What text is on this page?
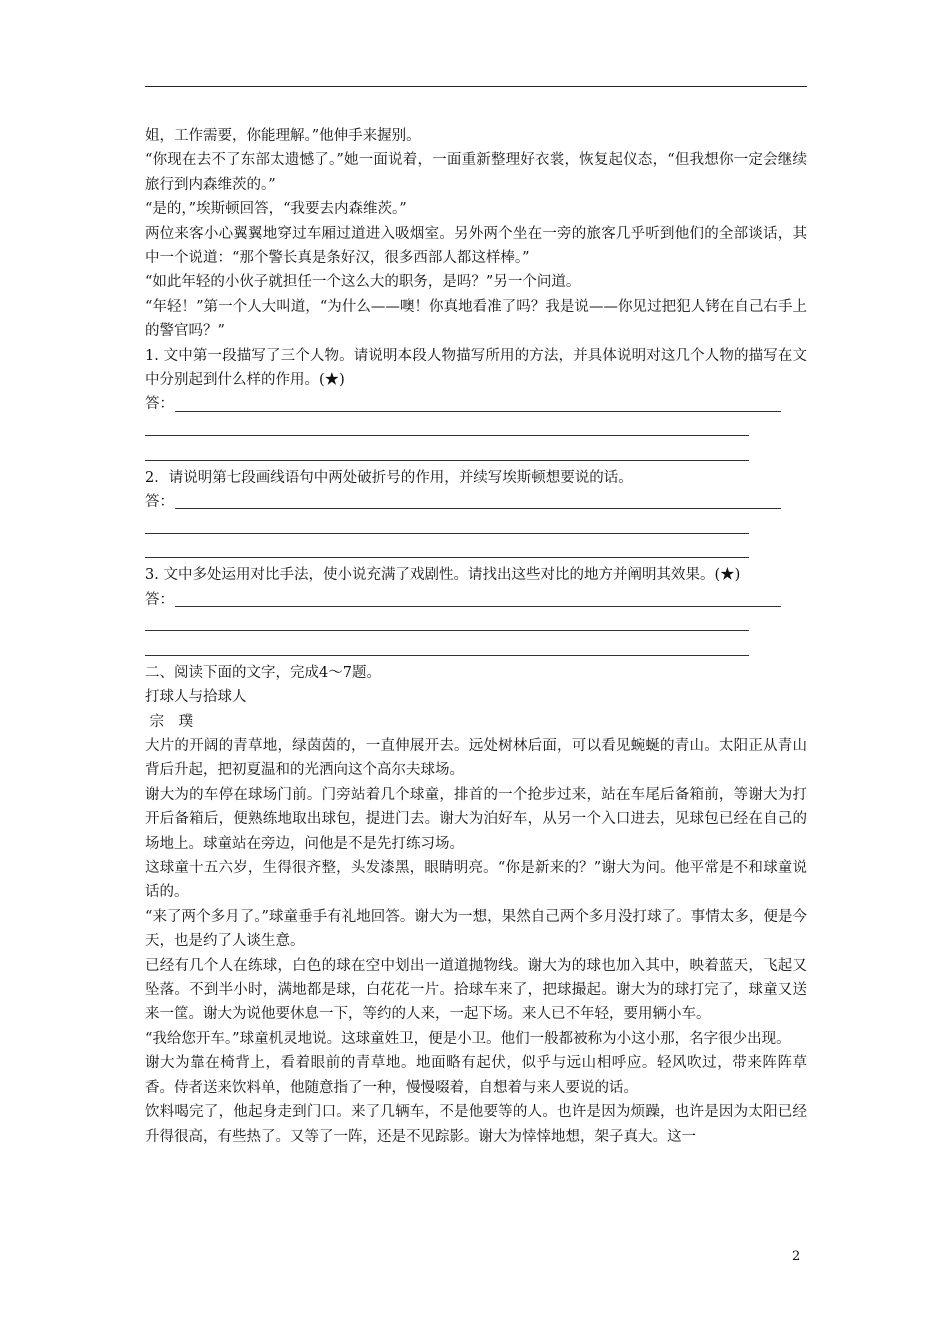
姐，工作需要，你能理解。”他伸手来握别。

“你现在去不了东部太遗憾了。”她一面说着，一面重新整理好衣裳，恢复起仪态，“但我想你一定会继续旅行到内森维茨的。”

“是的，”埃斯顿回答，“我要去内森维茨。”

两位来客小心翼翼地穿过车厢过道进入吸烟室。另外两个坐在一旁的旅客几乎听到他们的全部谈话，其中一个说道：“那个警长真是条好汉，很多西部人都这样棒。”

“如此年轻的小伙子就担任一个这么大的职务，是吗？”另一个问道。

“年轻！”第一个人大叫道，“为什么——噢！你真地看准了吗？我是说——你见过把犯人铐在自己右手上的警官吗？”

1. 文中第一段描写了三个人物。请说明本段人物描写所用的方法，并具体说明对这几个人物的描写在文中分别起到什么样的作用。(★)

答：

2．请说明第七段画线语句中两处破折号的作用，并续写埃斯顿想要说的话。

答：

3. 文中多处运用对比手法，使小说充满了戏剧性。请找出这些对比的地方并阐明其效果。(★)

答：

二、阅读下面的文字，完成4～7题。

打球人与拾球人

宗　璞

大片的开阔的青草地，绿茵茵的，一直伸展开去。远处树林后面，可以看见蜿蜒的青山。太阳正从青山背后升起，把初夏温和的光洒向这个高尔夫球场。

谢大为的车停在球场门前。门旁站着几个球童，排首的一个抢步过来，站在车尾后备箱前，等谢大为打开后备箱后，便熟练地取出球包，提进门去。谢大为泊好车，从另一个入口进去，见球包已经在自己的场地上。球童站在旁边，问他是不是先打练习场。

这球童十五六岁，生得很齐整，头发漆黑，眼睛明亮。“你是新来的？”谢大为问。他平常是不和球童说话的。

“来了两个多月了。”球童垂手有礼地回答。谢大为一想，果然自己两个多月没打球了。事情太多，便是今天，也是约了人谈生意。

已经有几个人在练球，白色的球在空中划出一道道抛物线。谢大为的球也加入其中，映着蓝天，飞起又坠落。不到半小时，满地都是球，白花花一片。拾球车来了，把球撮起。谢大为的球打完了，球童又送来一筐。谢大为说他要休息一下，等约的人来，一起下场。来人已不年轻，要用辆小车。

“我给您开车。”球童机灵地说。这球童姓卫，便是小卫。他们一般都被称为小这小那，名字很少出现。

谢大为靠在椅背上，看着眼前的青草地。地面略有起伏，似乎与远山相呼应。轻风吹过，带来阵阵草香。侍者送来饮料单，他随意指了一种，慢慢啜着，自想着与来人要说的话。

饮料喝完了，他起身走到门口。来了几辆车，不是他要等的人。也许是因为烦躁，也许是因为太阳已经升得很高，有些热了。又等了一阵，还是不见踪影。谢大为悻悻地想，架子真大。这一

2
